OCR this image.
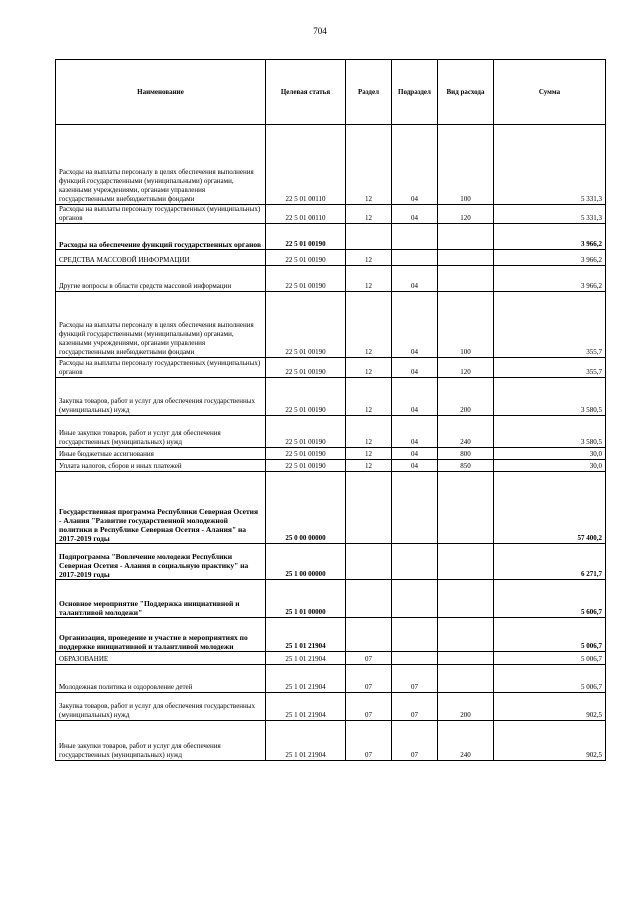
704
Наименование	Целевая статья	Раздел	Подраздел	Вид расхода	Сумма
Расходы на выплаты персоналу в целях обеспечения выполнения функций государственными (муниципальными) органами, казенными учреждениями, органами управления государственными внебюджетными фондами	22 5 01 00110	12	04	100	5 331,3
Расходы на выплаты персоналу государственных (муниципальных) органов	22 5 01 00110	12	04	120	5 331,3
Расходы на обеспечение функций государственных органов	22 5 01 00190				3 966,2
СРЕДСТВА МАССОВОЙ ИНФОРМАЦИИ	22 5 01 00190	12			3 966,2
Другие вопросы в области средств массовой информации	22 5 01 00190	12	04		3 966,2
Расходы на выплаты персоналу в целях обеспечения выполнения функций государственными (муниципальными) органами, казенными учреждениями, органами управления государственными внебюджетными фондами	22 5 01 00190	12	04	100	355,7
Расходы на выплаты персоналу государственных (муниципальных) органов	22 5 01 00190	12	04	120	355,7
Закупка товаров, работ и услуг для обеспечения государственных (муниципальных) нужд	22 5 01 00190	12	04	200	3 580,5
Иные закупки товаров, работ и услуг для обеспечения государственных (муниципальных) нужд	22 5 01 00190	12	04	240	3 580,5
Иные бюджетные ассигнования	22 5 01 00190	12	04	800	30,0
Уплата налогов, сборов и иных платежей	22 5 01 00190	12	04	850	30,0
Государственная программа Республики Северная Осетия - Алания "Развитие государственной молодежной политики в Республике Северная Осетия - Алания" на 2017-2019 годы	25 0 00 00000				57 400,2
Подпрограмма "Вовлечение молодежи Республики Северная Осетия - Алания в социальную практику" на 2017-2019 годы	25 1 00 00000				6 271,7
Основное мероприятие "Поддержка инициативной и талантливой молодежи"	25 1 01 00000				5 606,7
Организация, проведение и участие в мероприятиях по поддержке инициативной и талантливой молодежи	25 1 01 21904				5 006,7
ОБРАЗОВАНИЕ	25 1 01 21904	07			5 006,7
Молодежная политика и оздоровление детей	25 1 01 21904	07	07		5 006,7
Закупка товаров, работ и услуг для обеспечения государственных (муниципальных) нужд	25 1 01 21904	07	07	200	902,5
Иные закупки товаров, работ и услуг для обеспечения государственных (муниципальных) нужд	25 1 01 21904	07	07	240	902,5
